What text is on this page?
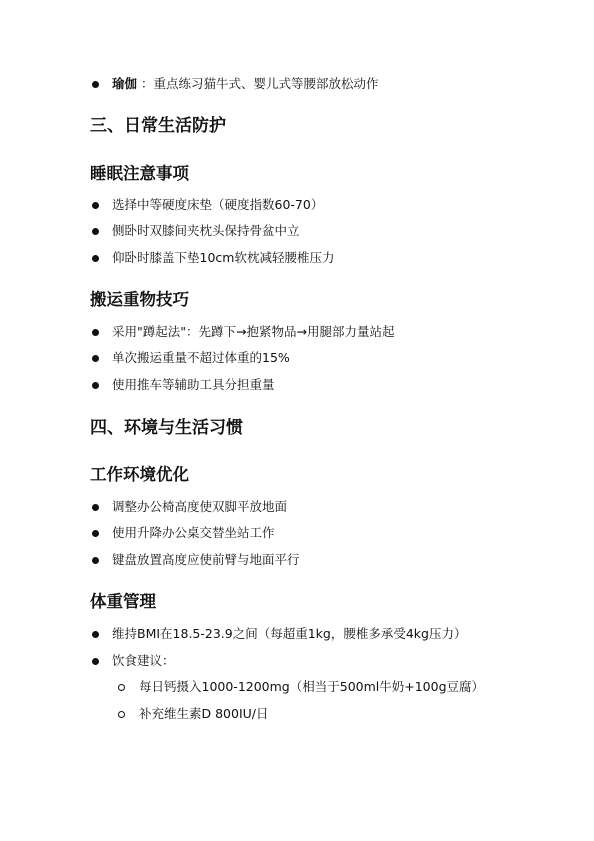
瑜伽 ：重点练习猫牛式、婴儿式等腰部放松动作
三、日常生活防护
睡眠注意事项
选择中等硬度床垫（硬度指数60-70）
侧卧时双膝间夹枕头保持骨盆中立
仰卧时膝盖下垫10cm软枕减轻腰椎压力
搬运重物技巧
采用"蹲起法"：先蹲下→抱紧物品→用腿部力量站起
单次搬运重量不超过体重的15%
使用推车等辅助工具分担重量
四、环境与生活习惯
工作环境优化
调整办公椅高度使双脚平放地面
使用升降办公桌交替坐站工作
键盘放置高度应使前臂与地面平行
体重管理
维持BMI在18.5-23.9之间（每超重1kg，腰椎多承受4kg压力）
饮食建议：
每日钙摄入1000-1200mg（相当于500ml牛奶+100g豆腐）
补充维生素D 800IU/日
